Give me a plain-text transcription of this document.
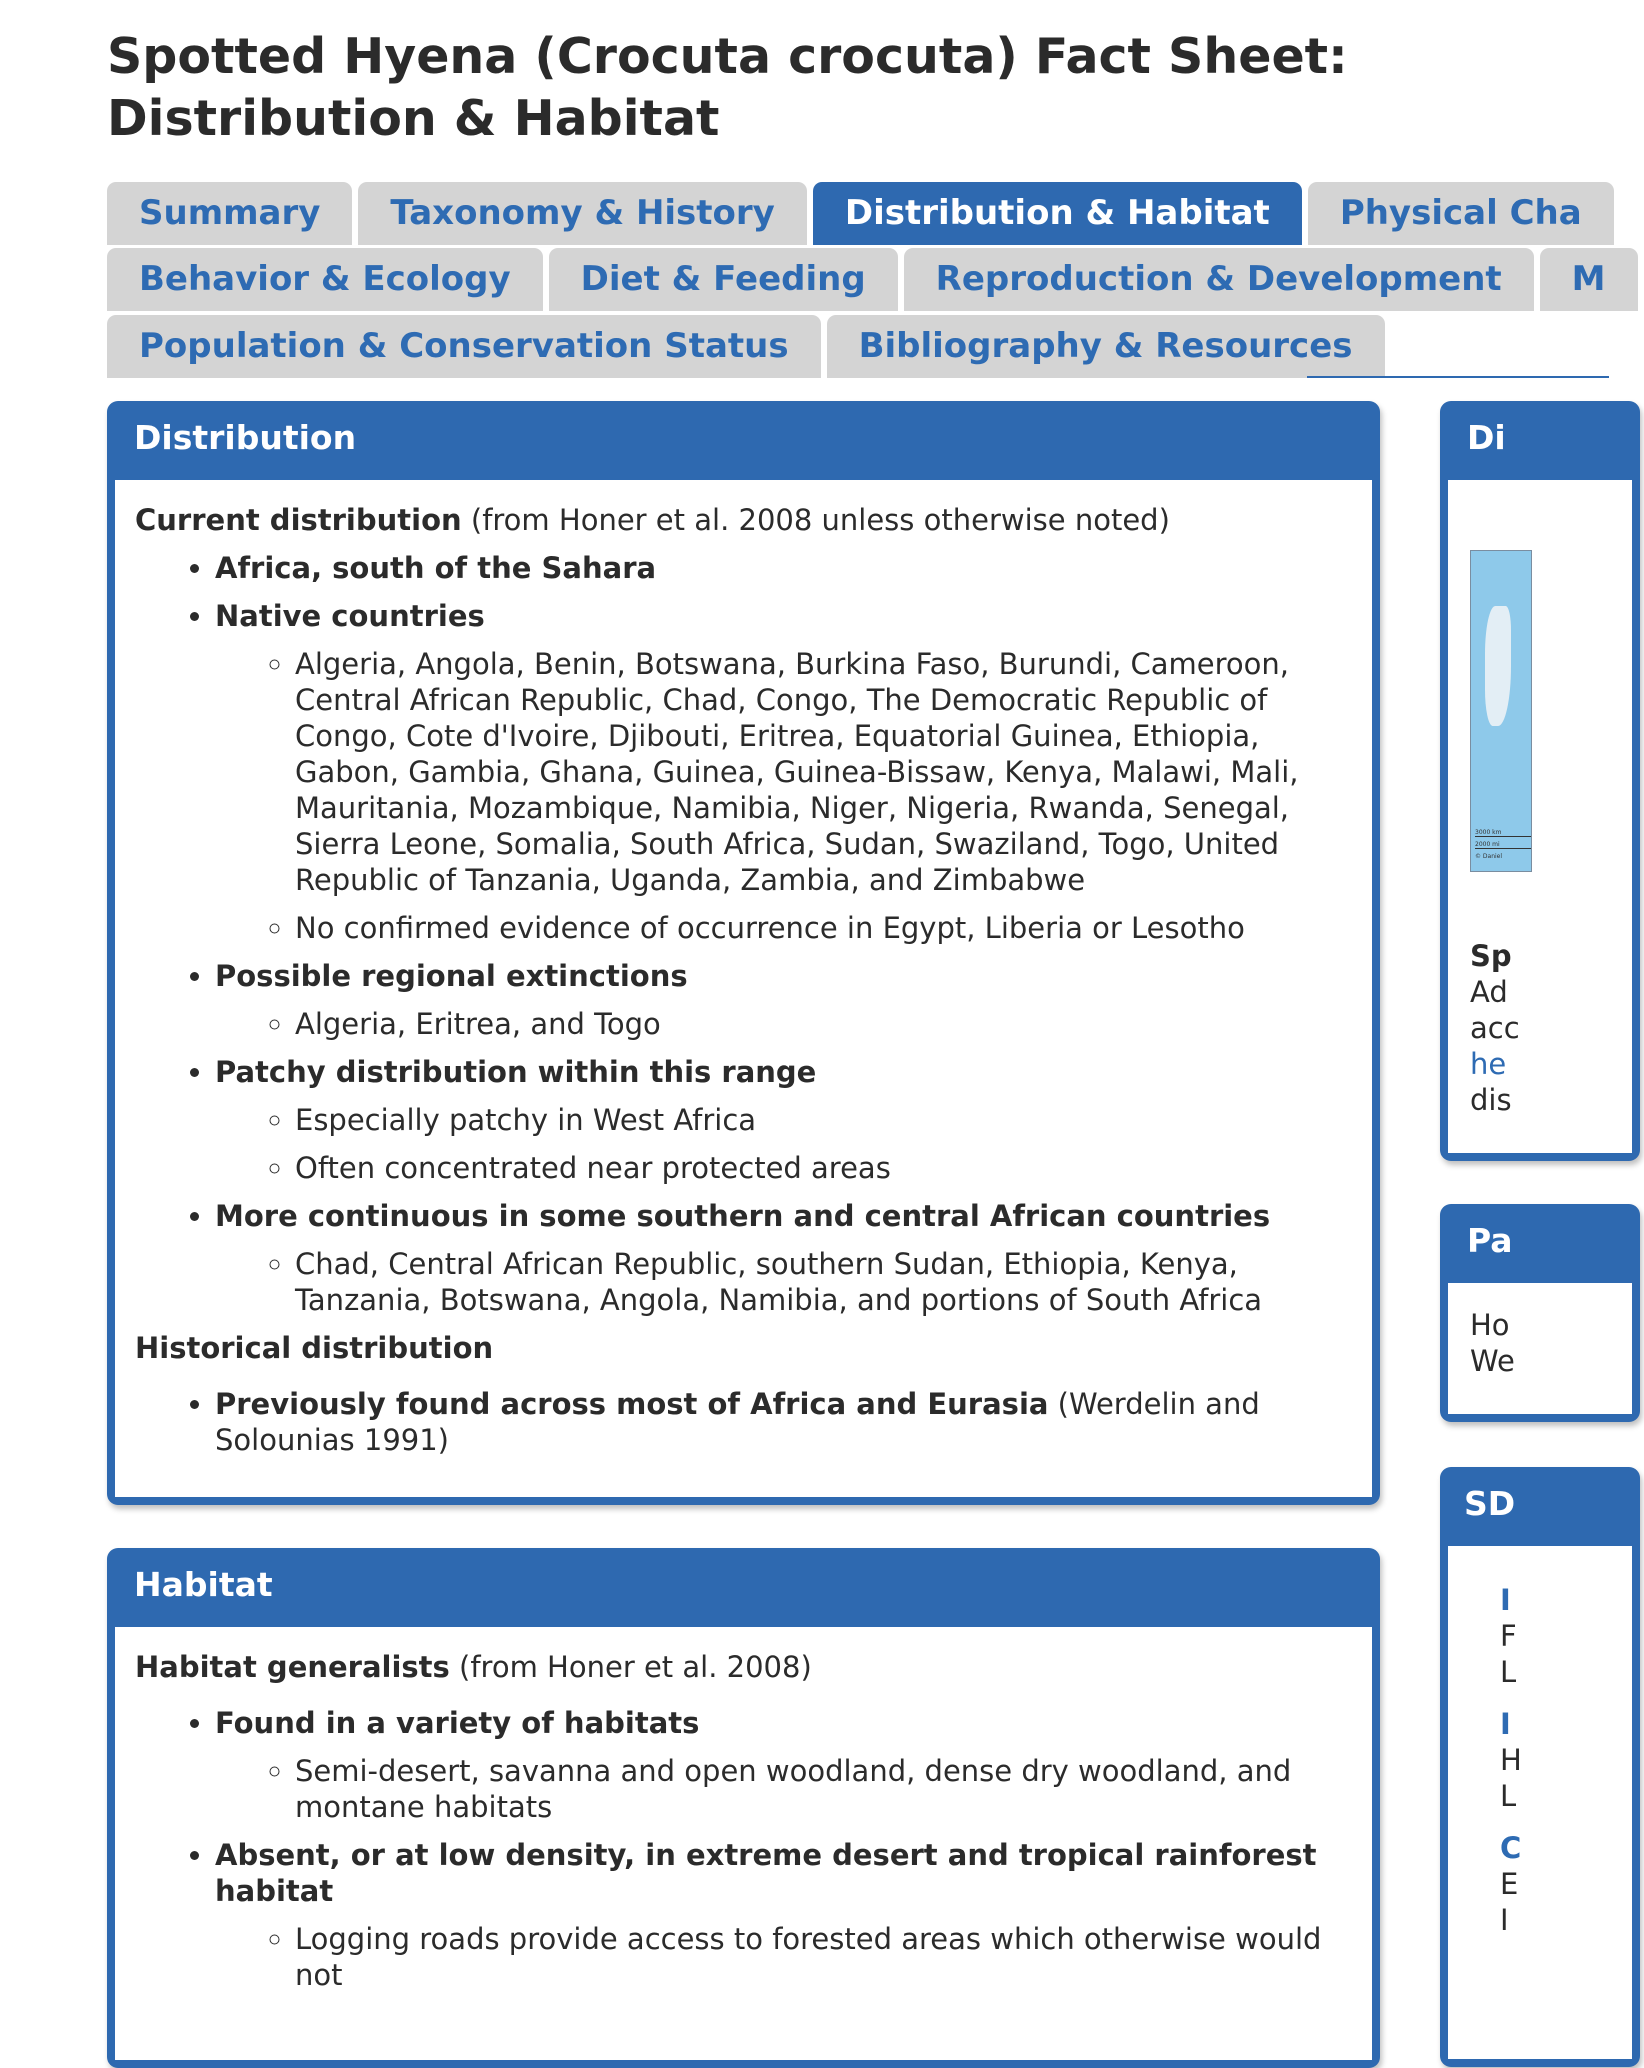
Spotted Hyena (Crocuta crocuta) Fact Sheet: Distribution & Habitat
Summary	Taxonomy & History	Distribution & Habitat	Physical Cha
Behavior & Ecology	Diet & Feeding	Reproduction & Development	M
Population & Conservation Status	Bibliography & Resources
Distribution

Current distribution (from Honer et al. 2008 unless otherwise noted)

• Africa, south of the Sahara
• Native countries
◦ Algeria, Angola, Benin, Botswana, Burkina Faso, Burundi, Cameroon, Central African Republic, Chad, Congo, The Democratic Republic of Congo, Cote d'Ivoire, Djibouti, Eritrea, Equatorial Guinea, Ethiopia, Gabon, Gambia, Ghana, Guinea, Guinea-Bissaw, Kenya, Malawi, Mali, Mauritania, Mozambique, Namibia, Niger, Nigeria, Rwanda, Senegal, Sierra Leone, Somalia, South Africa, Sudan, Swaziland, Togo, United Republic of Tanzania, Uganda, Zambia, and Zimbabwe
◦ No confirmed evidence of occurrence in Egypt, Liberia or Lesotho
• Possible regional extinctions
◦ Algeria, Eritrea, and Togo
• Patchy distribution within this range
◦ Especially patchy in West Africa
◦ Often concentrated near protected areas
• More continuous in some southern and central African countries
◦ Chad, Central African Republic, southern Sudan, Ethiopia, Kenya, Tanzania, Botswana, Angola, Namibia, and portions of South Africa

Historical distribution

• Previously found across most of Africa and Eurasia (Werdelin and Solounias 1991)
Habitat

Habitat generalists (from Honer et al. 2008)

• Found in a variety of habitats
◦ Semi-desert, savanna and open woodland, dense dry woodland, and montane habitats
• Absent, or at low density, in extreme desert and tropical rainforest habitat
◦ Logging roads provide access to forested areas which otherwise would not
Di
3000 km
2000 mi
© Daniel
Sp
Ad
acc
he
dis
Pa
Ho
We
SD
I
F
L
I
H
L
C
E
I
